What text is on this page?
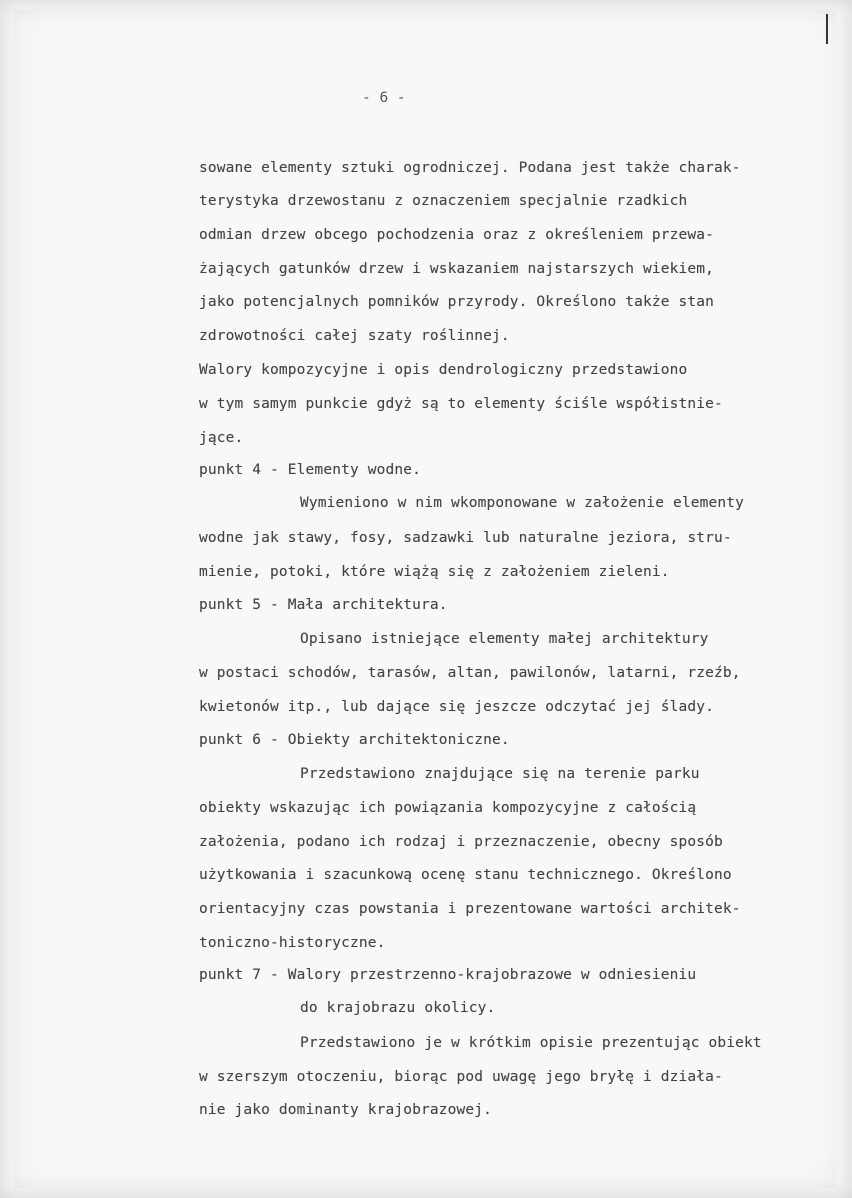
- 6 -
sowane elementy sztuki ogrodniczej. Podana jest także charak-
terystyka drzewostanu z oznaczeniem specjalnie rzadkich
odmian drzew obcego pochodzenia oraz z określeniem przewa-
żających gatunków drzew i wskazaniem najstarszych wiekiem,
jako potencjalnych pomników przyrody. Określono także stan
zdrowotności całej szaty roślinnej.
Walory kompozycyjne i opis dendrologiczny przedstawiono
w tym samym punkcie gdyż są to elementy ściśle współistnie-
jące.
punkt 4 - Elementy wodne.
Wymieniono w nim wkomponowane w założenie elementy
wodne jak stawy, fosy, sadzawki lub naturalne jeziora, stru-
mienie, potoki, które wiążą się z założeniem zieleni.
punkt 5 - Mała architektura.
Opisano istniejące elementy małej architektury
w postaci schodów, tarasów, altan, pawilonów, latarni, rzeźb,
kwietonów itp., lub dające się jeszcze odczytać jej ślady.
punkt 6 - Obiekty architektoniczne.
Przedstawiono znajdujące się na terenie parku
obiekty wskazując ich powiązania kompozycyjne z całością
założenia, podano ich rodzaj i przeznaczenie, obecny sposób
użytkowania i szacunkową ocenę stanu technicznego. Określono
orientacyjny czas powstania i prezentowane wartości architek-
toniczno-historyczne.
punkt 7 - Walory przestrzenno-krajobrazowe w odniesieniu
do krajobrazu okolicy.
Przedstawiono je w krótkim opisie prezentując obiekt
w szerszym otoczeniu, biorąc pod uwagę jego bryłę i działa-
nie jako dominanty krajobrazowej.
